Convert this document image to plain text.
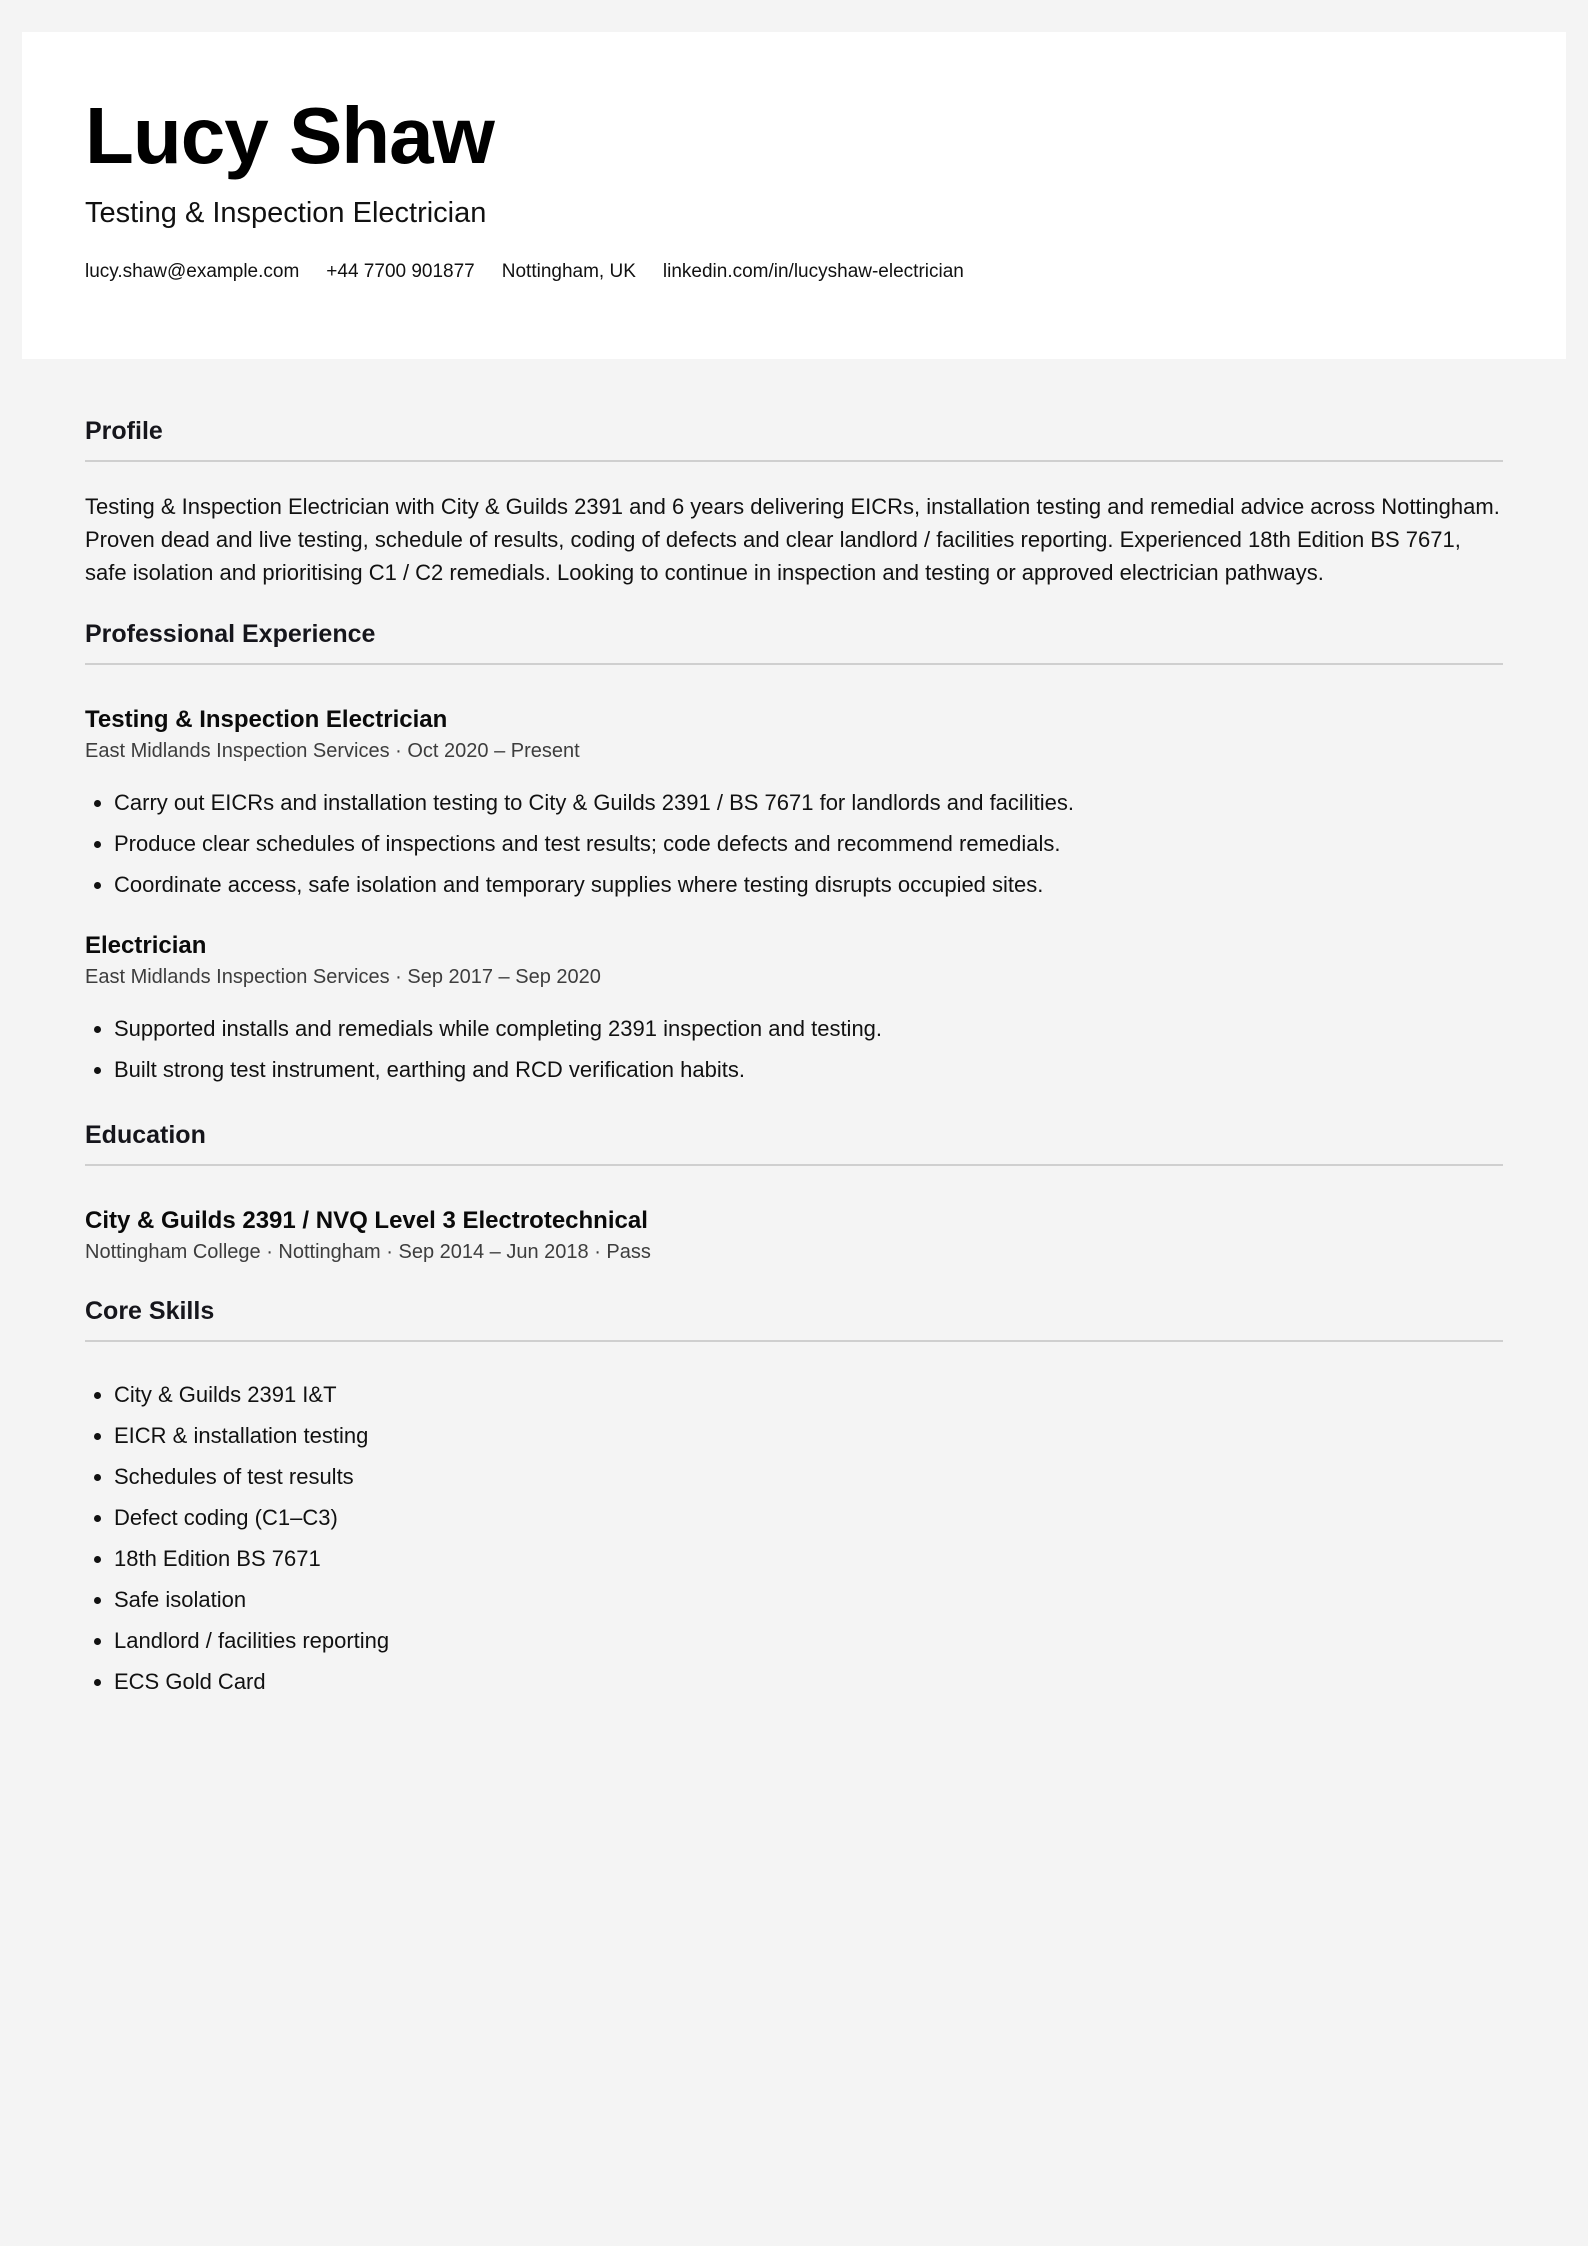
Lucy Shaw
Testing & Inspection Electrician
lucy.shaw@example.com +44 7700 901877 Nottingham, UK linkedin.com/in/lucyshaw-electrician
Profile

Testing & Inspection Electrician with City & Guilds 2391 and 6 years delivering EICRs, installation testing and remedial advice across Nottingham. Proven dead and live testing, schedule of results, coding of defects and clear landlord / facilities reporting. Experienced 18th Edition BS 7671, safe isolation and prioritising C1 / C2 remedials. Looking to continue in inspection and testing or approved electrician pathways.

Professional Experience
Testing & Inspection Electrician

East Midlands Inspection Services · Oct 2020 – Present

• Carry out EICRs and installation testing to City & Guilds 2391 / BS 7671 for landlords and facilities.
• Produce clear schedules of inspections and test results; code defects and recommend remedials.
• Coordinate access, safe isolation and temporary supplies where testing disrupts occupied sites.
Electrician

East Midlands Inspection Services · Sep 2017 – Sep 2020

• Supported installs and remedials while completing 2391 inspection and testing.
• Built strong test instrument, earthing and RCD verification habits.
Education
City & Guilds 2391 / NVQ Level 3 Electrotechnical

Nottingham College · Nottingham · Sep 2014 – Jun 2018 · Pass

Core Skills
• City & Guilds 2391 I&T
• EICR & installation testing
• Schedules of test results
• Defect coding (C1–C3)
• 18th Edition BS 7671
• Safe isolation
• Landlord / facilities reporting
• ECS Gold Card
